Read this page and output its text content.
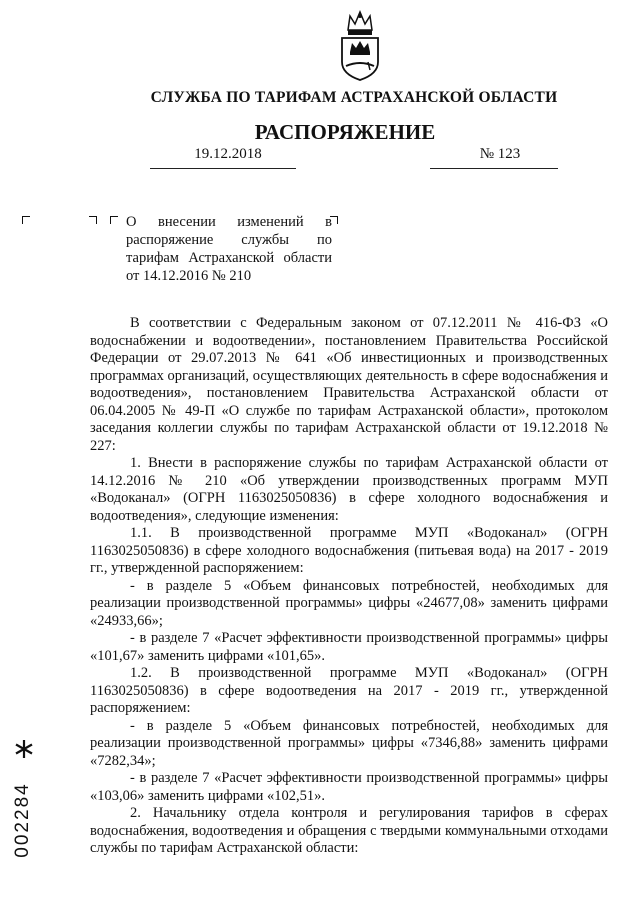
СЛУЖБА ПО ТАРИФАМ АСТРАХАНСКОЙ ОБЛАСТИ
РАСПОРЯЖЕНИЕ
19.12.2018	№ 123

О внесении изменений в распоряжение службы по тарифам Астраханской области от 14.12.2016 № 210

В соответствии с Федеральным законом от 07.12.2011 № 416-ФЗ «О водоснабжении и водоотведении», постановлением Правительства Российской Федерации от 29.07.2013 № 641 «Об инвестиционных и производственных программах организаций, осуществляющих деятельность в сфере водоснабжения и водоотведения», постановлением Правительства Астраханской области от 06.04.2005 № 49-П «О службе по тарифам Астраханской области», протоколом заседания коллегии службы по тарифам Астраханской области от 19.12.2018 № 227:

1. Внести в распоряжение службы по тарифам Астраханской области от 14.12.2016 № 210 «Об утверждении производственных программ МУП «Водоканал» (ОГРН 1163025050836) в сфере холодного водоснабжения и водоотведения», следующие изменения:

1.1. В производственной программе МУП «Водоканал» (ОГРН 1163025050836) в сфере холодного водоснабжения (питьевая вода) на 2017 - 2019 гг., утвержденной распоряжением:

- в разделе 5 «Объем финансовых потребностей, необходимых для реализации производственной программы» цифры «24677,08» заменить цифрами «24933,66»;

- в разделе 7 «Расчет эффективности производственной программы» цифры «101,67» заменить цифрами «101,65».

1.2. В производственной программе МУП «Водоканал» (ОГРН 1163025050836) в сфере водоотведения на 2017 - 2019 гг., утвержденной распоряжением:

- в разделе 5 «Объем финансовых потребностей, необходимых для реализации производственной программы» цифры «7346,88» заменить цифрами «7282,34»;

- в разделе 7 «Расчет эффективности производственной программы» цифры «103,06» заменить цифрами «102,51».

2. Начальнику отдела контроля и регулирования тарифов в сферах водоснабжения, водоотведения и обращения с твердыми коммунальными отходами службы по тарифам Астраханской области:

002284
